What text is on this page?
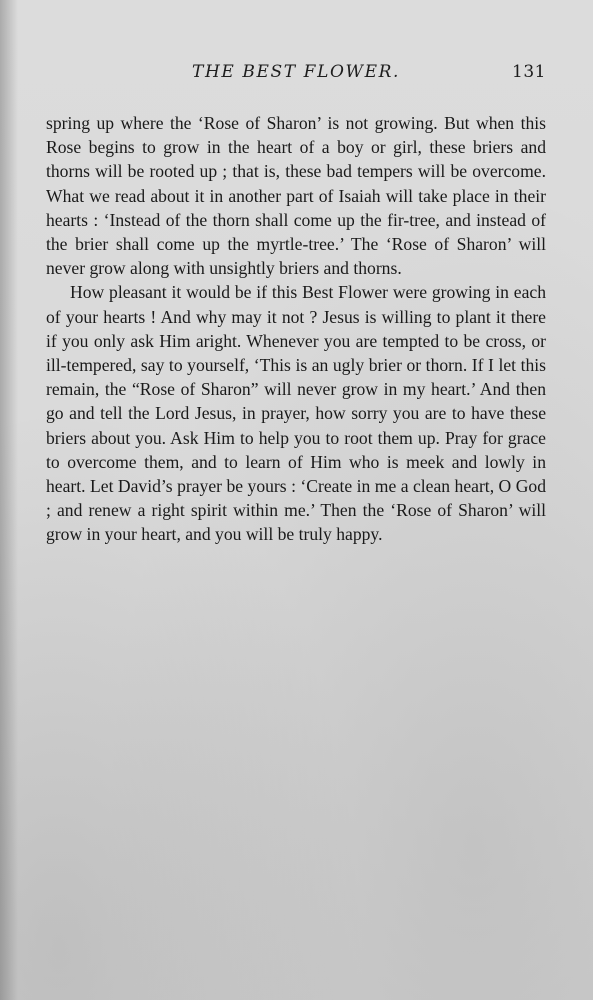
THE BEST FLOWER.	131

spring up where the ‘Rose of Sharon’ is not growing. But when this Rose begins to grow in the heart of a boy or girl, these briers and thorns will be rooted up ; that is, these bad tempers will be overcome. What we read about it in another part of Isaiah will take place in their hearts : ‘Instead of the thorn shall come up the fir-tree, and instead of the brier shall come up the myrtle-tree.’ The ‘Rose of Sharon’ will never grow along with unsightly briers and thorns.

How pleasant it would be if this Best Flower were growing in each of your hearts ! And why may it not ? Jesus is willing to plant it there if you only ask Him aright. Whenever you are tempted to be cross, or ill-tempered, say to yourself, ‘This is an ugly brier or thorn. If I let this remain, the “Rose of Sharon” will never grow in my heart.’ And then go and tell the Lord Jesus, in prayer, how sorry you are to have these briers about you. Ask Him to help you to root them up. Pray for grace to overcome them, and to learn of Him who is meek and lowly in heart. Let David’s prayer be yours : ‘Create in me a clean heart, O God ; and renew a right spirit within me.’ Then the ‘Rose of Sharon’ will grow in your heart, and you will be truly happy.
